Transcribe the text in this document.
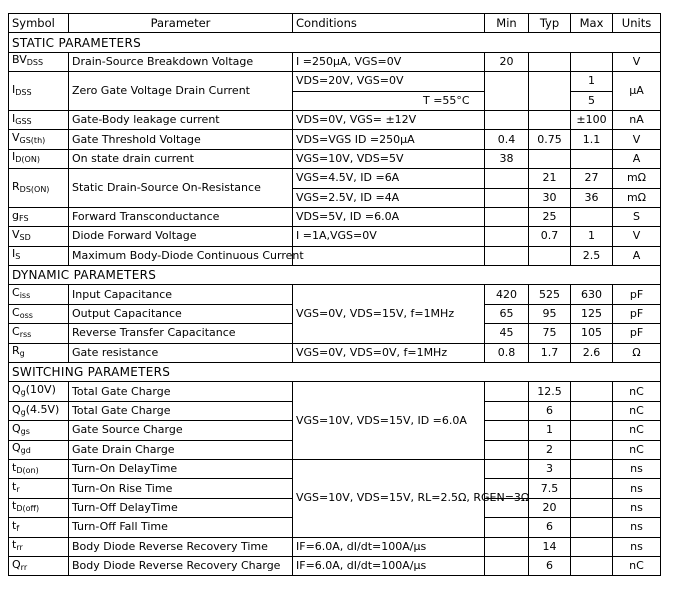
Symbol	Parameter	Conditions	Min	Typ	Max	Units
STATIC PARAMETERS						
$BV_{DSS}$	Drain-Source Breakdown Voltage	I =250µA, VGS=0V	20			V
$I_{DSS}$	Zero Gate Voltage Drain Current	VDS=20V, VGS=0V			1	µA
		T =55°C			5	
$I_{GSS}$	Gate-Body leakage current	VDS=0V, VGS= ±12V			±100	nA
$V_{GS(th)}$	Gate Threshold Voltage	VDS=VGS ID =250µA	0.4	0.75	1.1	V
$I_{D(ON)}$	On state drain current	VGS=10V, VDS=5V	38			A
$R_{DS(ON)}$	Static Drain-Source On-Resistance	VGS=4.5V, ID =6A		21	27	mΩ
		VGS=2.5V, ID =4A		30	36	mΩ
$g_{FS}$	Forward Transconductance	VDS=5V, ID =6.0A		25		S
$V_{SD}$	Diode Forward Voltage	I =1A,VGS=0V		0.7	1	V
$I_S$	Maximum Body-Diode Continuous Current				2.5	A
DYNAMIC PARAMETERS						
$C_{iss}$	Input Capacitance	VGS=0V, VDS=15V, f=1MHz	420	525	630	pF
$C_{oss}$	Output Capacitance		65	95	125	pF
$C_{rss}$	Reverse Transfer Capacitance		45	75	105	pF
$R_g$	Gate resistance	VGS=0V, VDS=0V, f=1MHz	0.8	1.7	2.6	Ω
SWITCHING PARAMETERS						
$Q_g(10V)$	Total Gate Charge	VGS=10V, VDS=15V, ID =6.0A		12.5		nC
$Q_g(4.5V)$	Total Gate Charge			6		nC
$Q_{gs}$	Gate Source Charge			1		nC
$Q_{gd}$	Gate Drain Charge			2		nC
$t_{D(on)}$	Turn-On DelayTime	VGS=10V, VDS=15V, RL=2.5Ω, RGEN=3Ω		3		ns
$t_r$	Turn-On Rise Time			7.5		ns
$t_{D(off)}$	Turn-Off DelayTime			20		ns
$t_f$	Turn-Off Fall Time			6		ns
$t_{rr}$	Body Diode Reverse Recovery Time	IF=6.0A, dI/dt=100A/µs		14		ns
$Q_{rr}$	Body Diode Reverse Recovery Charge	IF=6.0A, dI/dt=100A/µs		6		nC
